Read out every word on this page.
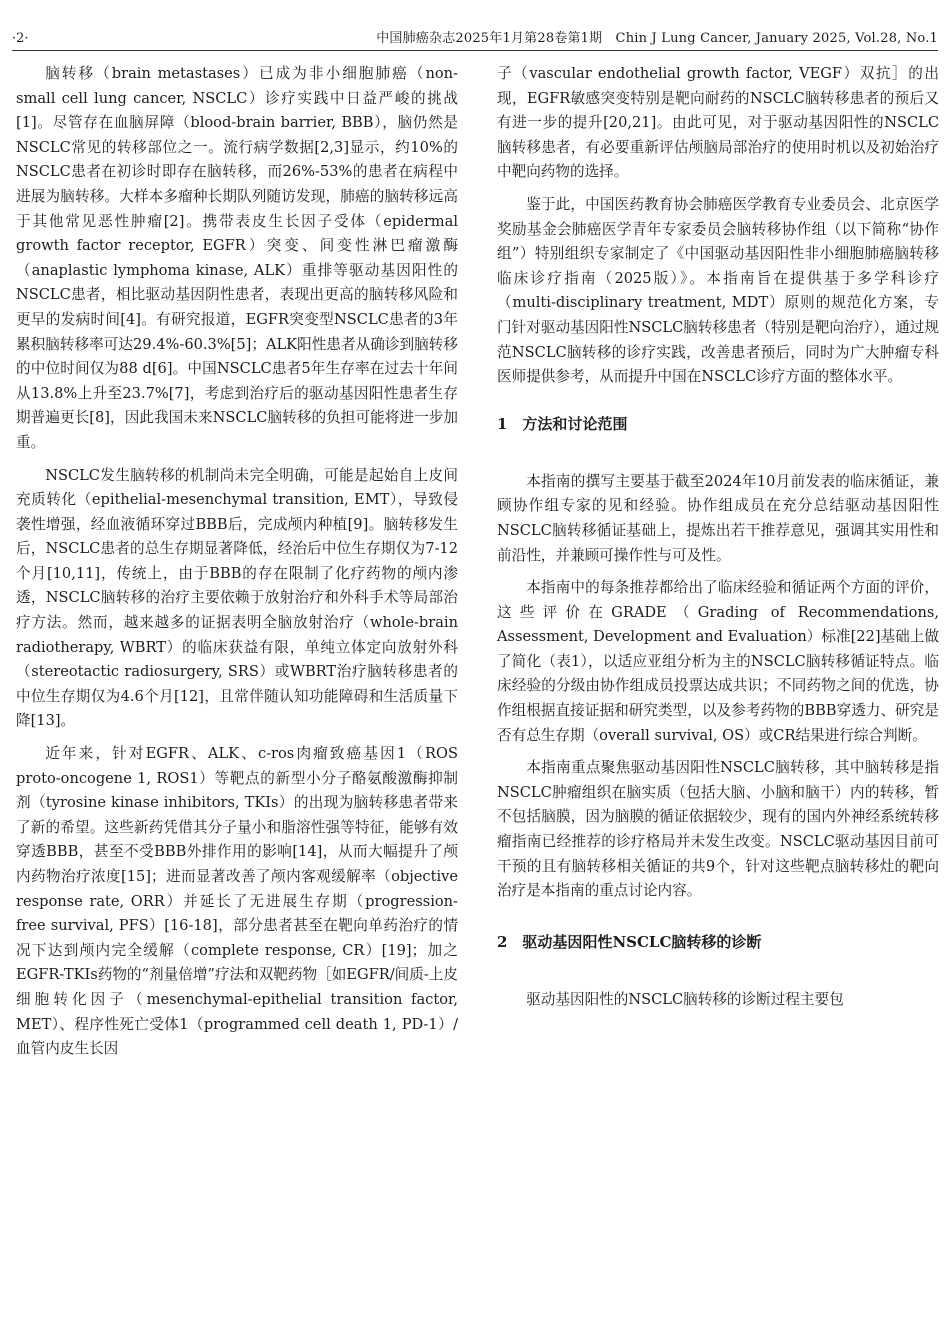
·2·	中国肺癌杂志2025年1月第28卷第1期　Chin J Lung Cancer, January 2025, Vol.28, No.1

脑转移（brain metastases）已成为非小细胞肺癌（non-small cell lung cancer, NSCLC）诊疗实践中日益严峻的挑战[1]。尽管存在血脑屏障（blood-brain barrier, BBB），脑仍然是NSCLC常见的转移部位之一。流行病学数据[2,3]显示，约10%的NSCLC患者在初诊时即存在脑转移，而26%-53%的患者在病程中进展为脑转移。大样本多瘤种长期队列随访发现，肺癌的脑转移远高于其他常见恶性肿瘤[2]。携带表皮生长因子受体（epidermal growth factor receptor, EGFR）突变、间变性淋巴瘤激酶（anaplastic lymphoma kinase, ALK）重排等驱动基因阳性的NSCLC患者，相比驱动基因阴性患者，表现出更高的脑转移风险和更早的发病时间[4]。有研究报道，EGFR突变型NSCLC患者的3年累积脑转移率可达29.4%-60.3%[5]；ALK阳性患者从确诊到脑转移的中位时间仅为88 d[6]。中国NSCLC患者5年生存率在过去十年间从13.8%上升至23.7%[7]，考虑到治疗后的驱动基因阳性患者生存期普遍更长[8]，因此我国未来NSCLC脑转移的负担可能将进一步加重。

NSCLC发生脑转移的机制尚未完全明确，可能是起始自上皮间充质转化（epithelial-mesenchymal transition, EMT），导致侵袭性增强，经血液循环穿过BBB后，完成颅内种植[9]。脑转移发生后，NSCLC患者的总生存期显著降低，经治后中位生存期仅为7-12个月[10,11]，传统上，由于BBB的存在限制了化疗药物的颅内渗透，NSCLC脑转移的治疗主要依赖于放射治疗和外科手术等局部治疗方法。然而，越来越多的证据表明全脑放射治疗（whole-brain radiotherapy, WBRT）的临床获益有限，单纯立体定向放射外科（stereotactic radiosurgery, SRS）或WBRT治疗脑转移患者的中位生存期仅为4.6个月[12]，且常伴随认知功能障碍和生活质量下降[13]。

近年来，针对EGFR、ALK、c-ros肉瘤致癌基因1（ROS proto-oncogene 1, ROS1）等靶点的新型小分子酪氨酸激酶抑制剂（tyrosine kinase inhibitors, TKIs）的出现为脑转移患者带来了新的希望。这些新药凭借其分子量小和脂溶性强等特征，能够有效穿透BBB，甚至不受BBB外排作用的影响[14]，从而大幅提升了颅内药物治疗浓度[15]；进而显著改善了颅内客观缓解率（objective response rate, ORR）并延长了无进展生存期（progression-free survival, PFS）[16-18]，部分患者甚至在靶向单药治疗的情况下达到颅内完全缓解（complete response, CR）[19]；加之EGFR-TKIs药物的“剂量倍增”疗法和双靶药物［如EGFR/间质-上皮细胞转化因子（mesenchymal-epithelial transition factor, MET）、程序性死亡受体1（programmed cell death 1, PD-1）/血管内皮生长因

子（vascular endothelial growth factor, VEGF）双抗］的出现，EGFR敏感突变特别是靶向耐药的NSCLC脑转移患者的预后又有进一步的提升[20,21]。由此可见，对于驱动基因阳性的NSCLC脑转移患者，有必要重新评估颅脑局部治疗的使用时机以及初始治疗中靶向药物的选择。

鉴于此，中国医药教育协会肺癌医学教育专业委员会、北京医学奖励基金会肺癌医学青年专家委员会脑转移协作组（以下简称“协作组”）特别组织专家制定了《中国驱动基因阳性非小细胞肺癌脑转移临床诊疗指南（2025版）》。本指南旨在提供基于多学科诊疗（multi-disciplinary treatment, MDT）原则的规范化方案，专门针对驱动基因阳性NSCLC脑转移患者（特别是靶向治疗），通过规范NSCLC脑转移的诊疗实践，改善患者预后，同时为广大肿瘤专科医师提供参考，从而提升中国在NSCLC诊疗方面的整体水平。

1　方法和讨论范围

本指南的撰写主要基于截至2024年10月前发表的临床循证，兼顾协作组专家的见和经验。协作组成员在充分总结驱动基因阳性NSCLC脑转移循证基础上，提炼出若干推荐意见，强调其实用性和前沿性，并兼顾可操作性与可及性。

本指南中的每条推荐都给出了临床经验和循证两个方面的评价，这些评价在GRADE（Grading of Recommendations, Assessment, Development and Evaluation）标准[22]基础上做了简化（表1），以适应亚组分析为主的NSCLC脑转移循证特点。临床经验的分级由协作组成员投票达成共识；不同药物之间的优选，协作组根据直接证据和研究类型，以及参考药物的BBB穿透力、研究是否有总生存期（overall survival, OS）或CR结果进行综合判断。

本指南重点聚焦驱动基因阳性NSCLC脑转移，其中脑转移是指NSCLC肿瘤组织在脑实质（包括大脑、小脑和脑干）内的转移，暂不包括脑膜，因为脑膜的循证依据较少，现有的国内外神经系统转移瘤指南已经推荐的诊疗格局并未发生改变。NSCLC驱动基因目前可干预的且有脑转移相关循证的共9个，针对这些靶点脑转移灶的靶向治疗是本指南的重点讨论内容。

2　驱动基因阳性NSCLC脑转移的诊断

驱动基因阳性的NSCLC脑转移的诊断过程主要包
